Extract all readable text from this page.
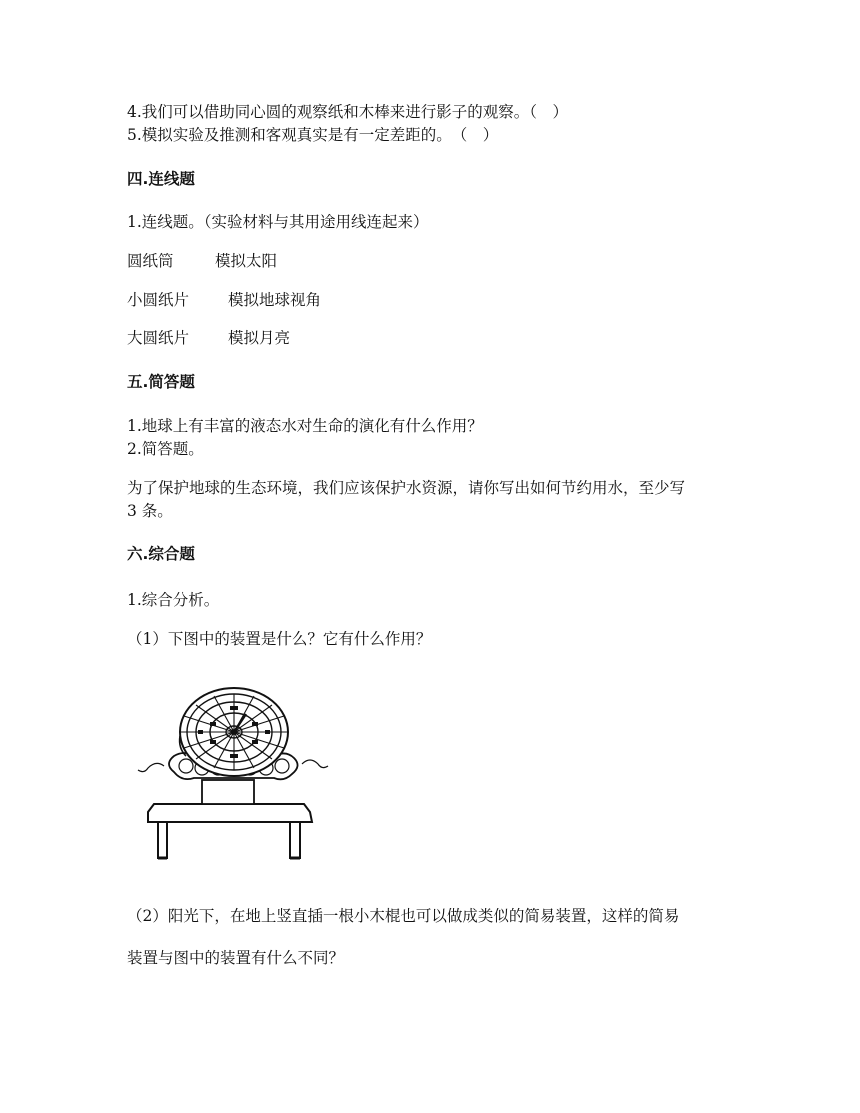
4.我们可以借助同心圆的观察纸和木棒来进行影子的观察。（　）
5.模拟实验及推测和客观真实是有一定差距的。　（　）
四.连线题
1.连线题。（实验材料与其用途用线连起来）
圆纸筒	模拟太阳
小圆纸片	模拟地球视角
大圆纸片	模拟月亮
五.简答题
1.地球上有丰富的液态水对生命的演化有什么作用？
2.简答题。
为了保护地球的生态环境，我们应该保护水资源，请你写出如何节约用水，至少写
3 条。
六.综合题
1.综合分析。
（1）下图中的装置是什么？它有什么作用？
（2）阳光下，在地上竖直插一根小木棍也可以做成类似的简易装置，这样的简易
装置与图中的装置有什么不同？
